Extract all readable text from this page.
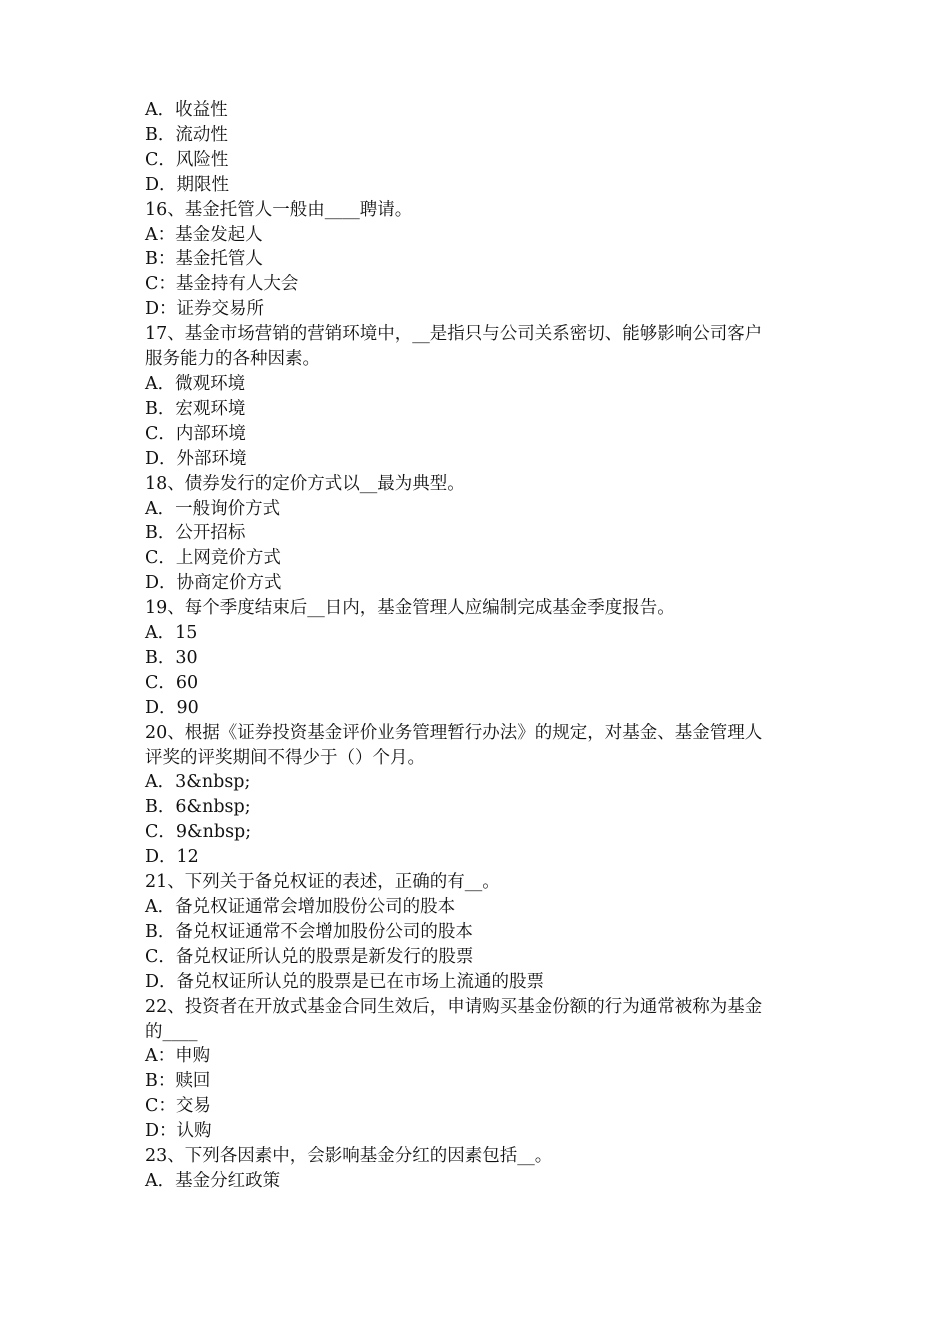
A．收益性

B．流动性

C．风险性

D．期限性

16、基金托管人一般由____聘请。

A：基金发起人

B：基金托管人

C：基金持有人大会

D：证券交易所

17、基金市场营销的营销环境中，__是指只与公司关系密切、能够影响公司客户

服务能力的各种因素。

A．微观环境

B．宏观环境

C．内部环境

D．外部环境

18、债券发行的定价方式以__最为典型。

A．一般询价方式

B．公开招标

C．上网竞价方式

D．协商定价方式

19、每个季度结束后__日内，基金管理人应编制完成基金季度报告。

A．15

B．30

C．60

D．90

20、根据《证券投资基金评价业务管理暂行办法》的规定，对基金、基金管理人

评奖的评奖期间不得少于（）个月。

A．3&nbsp;

B．6&nbsp;

C．9&nbsp;

D．12

21、下列关于备兑权证的表述，正确的有__。

A．备兑权证通常会增加股份公司的股本

B．备兑权证通常不会增加股份公司的股本

C．备兑权证所认兑的股票是新发行的股票

D．备兑权证所认兑的股票是已在市场上流通的股票

22、投资者在开放式基金合同生效后，申请购买基金份额的行为通常被称为基金

的____

A：申购

B：赎回

C：交易

D：认购

23、下列各因素中，会影响基金分红的因素包括__。

A．基金分红政策
